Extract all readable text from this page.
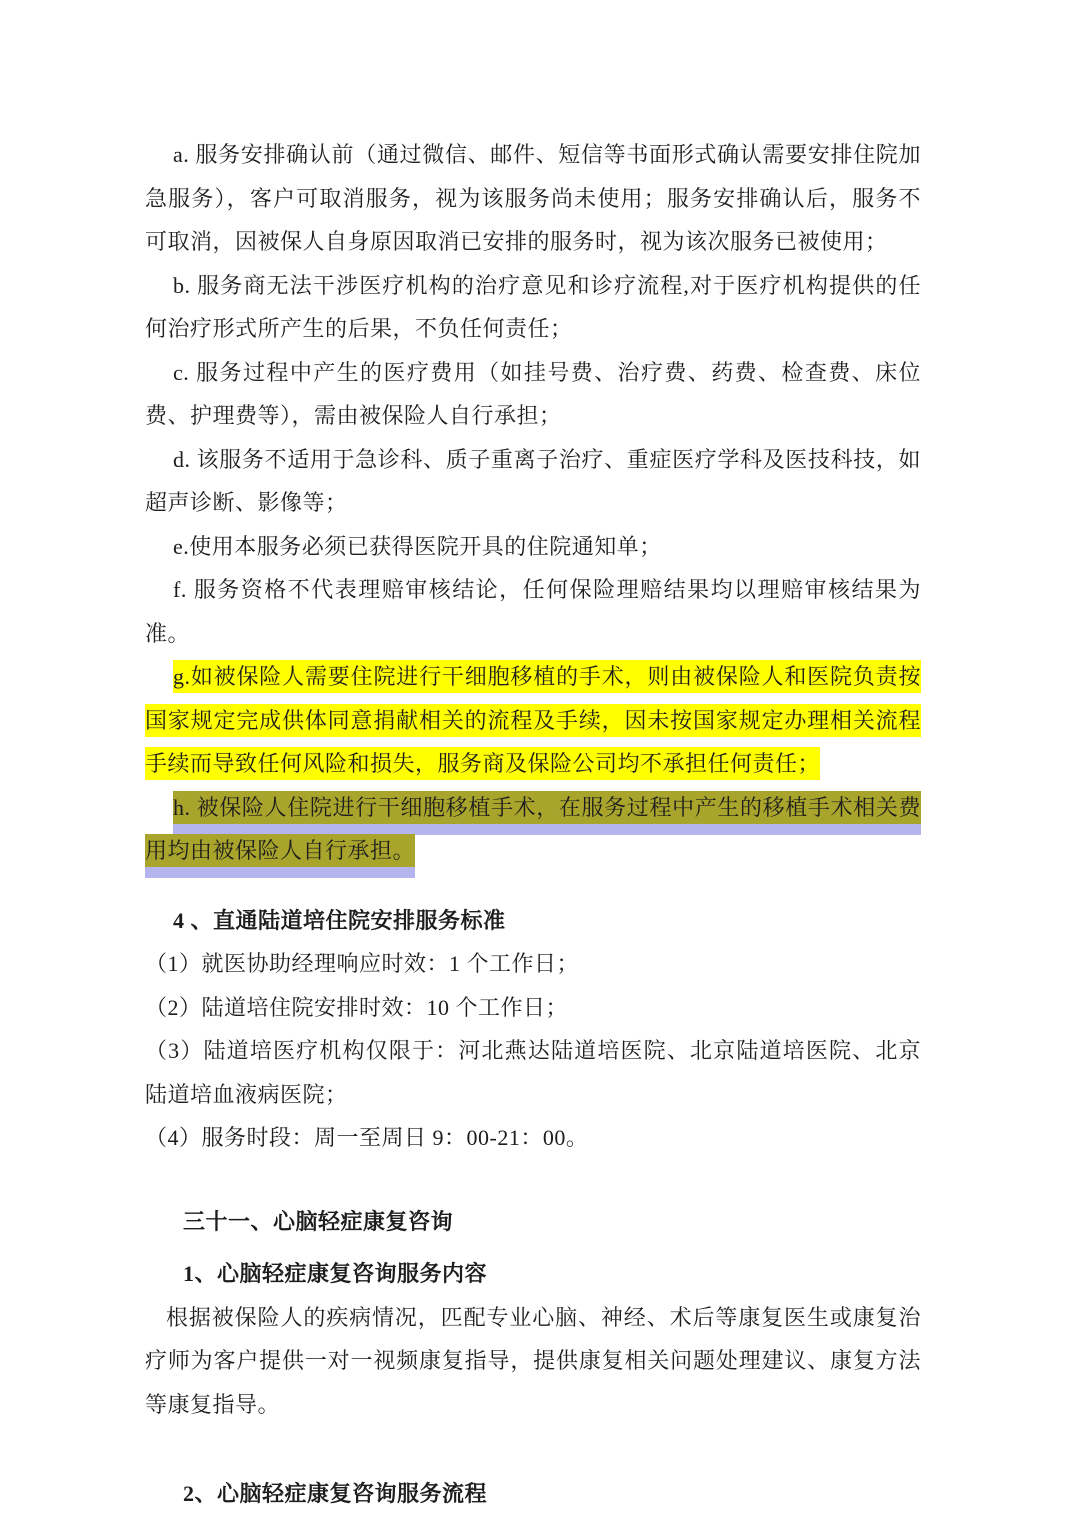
a. 服务安排确认前（通过微信、邮件、短信等书面形式确认需要安排住院加急服务），客户可取消服务，视为该服务尚未使用；服务安排确认后，服务不可取消，因被保人自身原因取消已安排的服务时，视为该次服务已被使用；

b. 服务商无法干涉医疗机构的治疗意见和诊疗流程,对于医疗机构提供的任何治疗形式所产生的后果，不负任何责任；

c. 服务过程中产生的医疗费用（如挂号费、治疗费、药费、检查费、床位费、护理费等），需由被保险人自行承担；

d. 该服务不适用于急诊科、质子重离子治疗、重症医疗学科及医技科技，如超声诊断、影像等；

e.使用本服务必须已获得医院开具的住院通知单；

f. 服务资格不代表理赔审核结论，任何保险理赔结果均以理赔审核结果为准。

g.如被保险人需要住院进行干细胞移植的手术，则由被保险人和医院负责按国家规定完成供体同意捐献相关的流程及手续，因未按国家规定办理相关流程手续而导致任何风险和损失，服务商及保险公司均不承担任何责任；

h. 被保险人住院进行干细胞移植手术，在服务过程中产生的移植手术相关费用均由被保险人自行承担。

4 、直通陆道培住院安排服务标准

（1）就医协助经理响应时效：1 个工作日；

（2）陆道培住院安排时效：10 个工作日；

（3）陆道培医疗机构仅限于：河北燕达陆道培医院、北京陆道培医院、北京陆道培血液病医院；

（4）服务时段：周一至周日 9：00-21：00。

三十一、心脑轻症康复咨询

1、心脑轻症康复咨询服务内容

根据被保险人的疾病情况，匹配专业心脑、神经、术后等康复医生或康复治疗师为客户提供一对一视频康复指导，提供康复相关问题处理建议、康复方法等康复指导。

2、心脑轻症康复咨询服务流程
